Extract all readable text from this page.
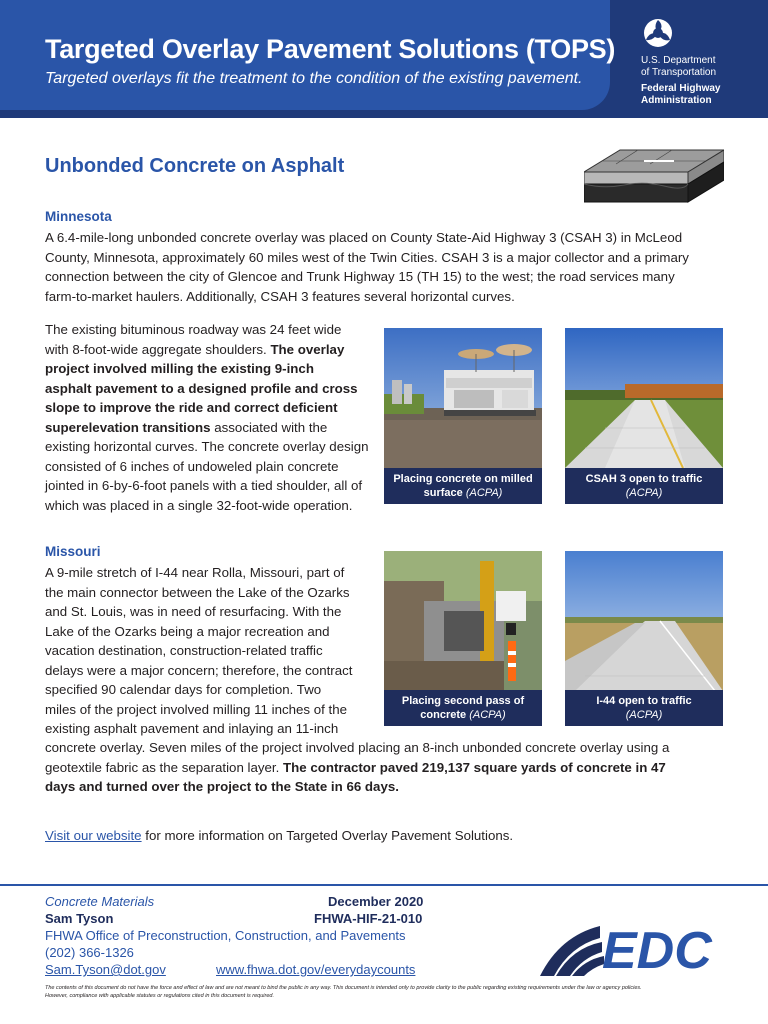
Targeted Overlay Pavement Solutions (TOPS)
Targeted overlays fit the treatment to the condition of the existing pavement.
U.S. Department
of Transportation
Federal Highway
Administration
Unbonded Concrete on Asphalt
Minnesota
A 6.4-mile-long unbonded concrete overlay was placed on County State-Aid Highway 3 (CSAH 3) in McLeod
County, Minnesota, approximately 60 miles west of the Twin Cities. CSAH 3 is a major collector and a primary
connection between the city of Glencoe and Trunk Highway 15 (TH 15) to the west; the road services many
farm-to-market haulers. Additionally, CSAH 3 features several horizontal curves.
The existing bituminous roadway was 24 feet wide
with 8-foot-wide aggregate shoulders. The overlay
project involved milling the existing 9-inch
asphalt pavement to a designed profile and cross
slope to improve the ride and correct deficient
superelevation transitions associated with the
existing horizontal curves. The concrete overlay design
consisted of 6 inches of undoweled plain concrete
jointed in 6-by-6-foot panels with a tied shoulder, all of
which was placed in a single 32-foot-wide operation.
Placing concrete on milled surface (ACPA)
CSAH 3 open to traffic
(ACPA)
Missouri
A 9-mile stretch of I-44 near Rolla, Missouri, part of
the main connector between the Lake of the Ozarks
and St. Louis, was in need of resurfacing. With the
Lake of the Ozarks being a major recreation and
vacation destination, construction-related traffic
delays were a major concern; therefore, the contract
specified 90 calendar days for completion. Two
miles of the project involved milling 11 inches of the
existing asphalt pavement and inlaying an 11-inch
concrete overlay. Seven miles of the project involved placing an 8-inch unbonded concrete overlay using a
geotextile fabric as the separation layer. The contractor paved 219,137 square yards of concrete in 47
days and turned over the project to the State in 66 days.
Placing second pass of concrete (ACPA)
I-44 open to traffic
(ACPA)
Visit our website for more information on Targeted Overlay Pavement Solutions.
Concrete Materials	December 2020
Sam Tyson	FHWA-HIF-21-010
FHWA Office of Preconstruction, Construction, and Pavements
(202) 366-1326
Sam.Tyson@dot.gov	www.fhwa.dot.gov/everydaycounts	EDC
The contents of this document do not have the force and effect of law and are not meant to bind the public in any way. This document is intended only to provide clarity to the public regarding existing requirements under the law or agency policies.
However, compliance with applicable statutes or regulations cited in this document is required.
